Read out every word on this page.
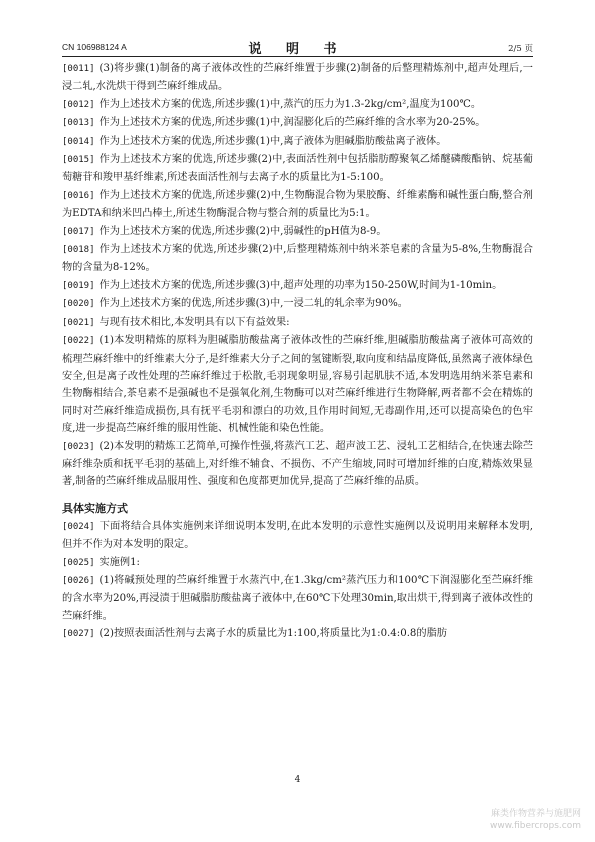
CN 106988124 A	说 明 书	2/5 页
[0011] (3)将步骤(1)制备的离子液体改性的苎麻纤维置于步骤(2)制备的后整理精炼剂中,超声处理后,一浸二轧,水洗烘干得到苎麻纤维成品。
[0012] 作为上述技术方案的优选,所述步骤(1)中,蒸汽的压力为1.3-2kg/cm²,温度为100℃。
[0013] 作为上述技术方案的优选,所述步骤(1)中,润湿膨化后的苎麻纤维的含水率为20-25%。
[0014] 作为上述技术方案的优选,所述步骤(1)中,离子液体为胆碱脂肪酸盐离子液体。
[0015] 作为上述技术方案的优选,所述步骤(2)中,表面活性剂中包括脂肪醇聚氧乙烯醚磷酸酯钠、烷基葡萄糖苷和羧甲基纤维素,所述表面活性剂与去离子水的质量比为1-5:100。
[0016] 作为上述技术方案的优选,所述步骤(2)中,生物酶混合物为果胶酶、纤维素酶和碱性蛋白酶,整合剂为EDTA和纳米凹凸棒土,所述生物酶混合物与整合剂的质量比为5:1。
[0017] 作为上述技术方案的优选,所述步骤(2)中,弱碱性的pH值为8-9。
[0018] 作为上述技术方案的优选,所述步骤(2)中,后整理精炼剂中纳米茶皂素的含量为5-8%,生物酶混合物的含量为8-12%。
[0019] 作为上述技术方案的优选,所述步骤(3)中,超声处理的功率为150-250W,时间为1-10min。
[0020] 作为上述技术方案的优选,所述步骤(3)中,一浸二轧的轧余率为90%。
[0021] 与现有技术相比,本发明具有以下有益效果:
[0022] (1)本发明精炼的原料为胆碱脂肪酸盐离子液体改性的苎麻纤维,胆碱脂肪酸盐离子液体可高效的梳理苎麻纤维中的纤维素大分子,是纤维素大分子之间的氢键断裂,取向度和结晶度降低,虽然离子液体绿色安全,但是离子改性处理的苎麻纤维过于松散,毛羽现象明显,容易引起肌肤不适,本发明选用纳米茶皂素和生物酶相结合,茶皂素不是强碱也不是强氧化剂,生物酶可以对苎麻纤维进行生物降解,两者都不会在精炼的同时对苎麻纤维造成损伤,具有抚平毛羽和漂白的功效,且作用时间短,无毒副作用,还可以提高染色的色牢度,进一步提高苎麻纤维的服用性能、机械性能和染色性能。
[0023] (2)本发明的精炼工艺简单,可操作性强,将蒸汽工艺、超声波工艺、浸轧工艺相结合,在快速去除苎麻纤维杂质和抚平毛羽的基础上,对纤维不辅食、不损伤、不产生缩坡,同时可增加纤维的白度,精炼效果显著,制备的苎麻纤维成品服用性、强度和色度都更加优异,提高了苎麻纤维的品质。
具体实施方式
[0024] 下面将结合具体实施例来详细说明本发明,在此本发明的示意性实施例以及说明用来解释本发明,但并不作为对本发明的限定。
[0025] 实施例1:
[0026] (1)将碱预处理的苎麻纤维置于水蒸汽中,在1.3kg/cm²蒸汽压力和100℃下润湿膨化至苎麻纤维的含水率为20%,再浸渍于胆碱脂肪酸盐离子液体中,在60℃下处理30min,取出烘干,得到离子液体改性的苎麻纤维。
[0027] (2)按照表面活性剂与去离子水的质量比为1:100,将质量比为1:0.4:0.8的脂肪
4
麻类作物营养与施肥网
www.fibercrops.com
